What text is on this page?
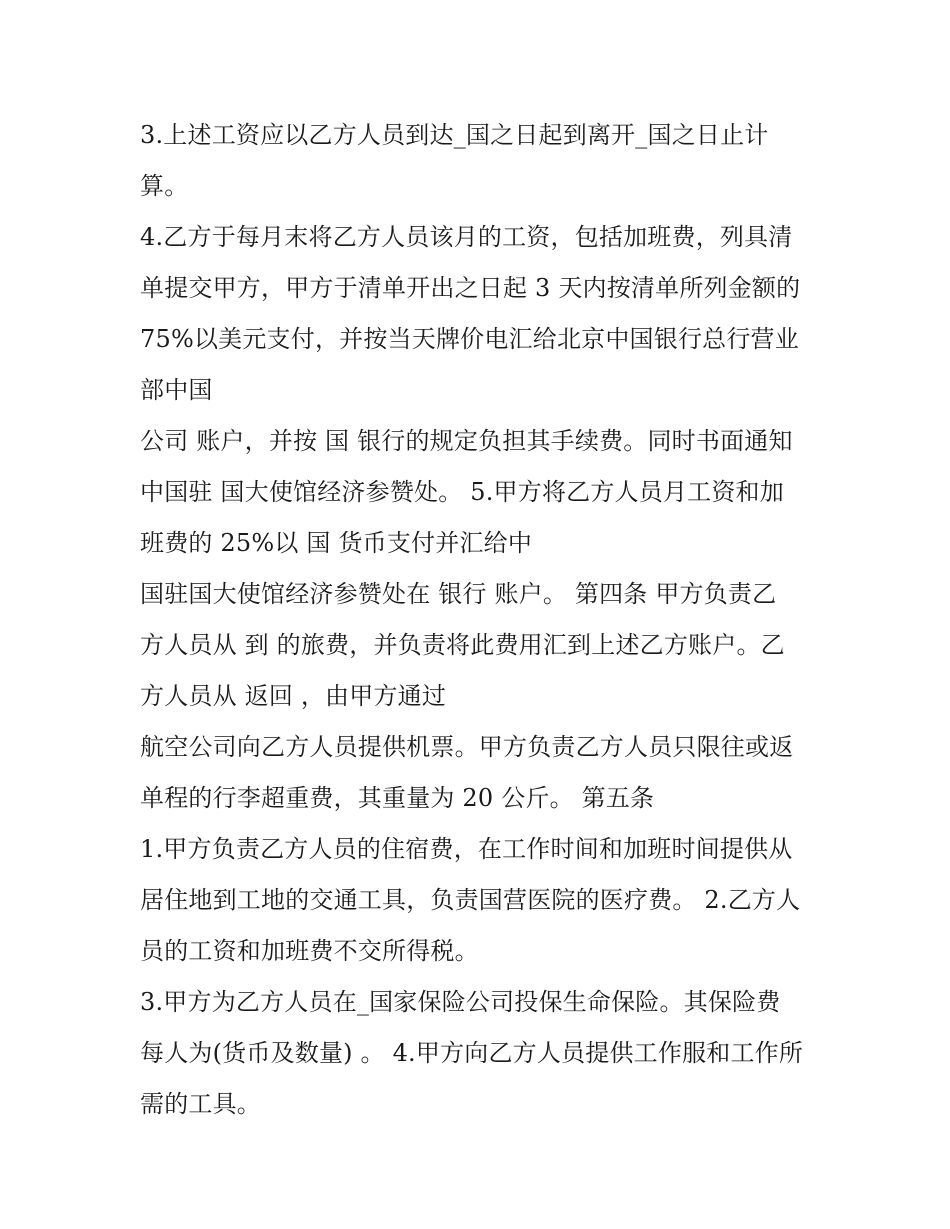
3.上述工资应以乙方人员到达_国之日起到离开_国之日止计
算。
4.乙方于每月末将乙方人员该月的工资，包括加班费，列具清
单提交甲方，甲方于清单开出之日起 3 天内按清单所列金额的
75%以美元支付，并按当天牌价电汇给北京中国银行总行营业
部中国
公司 账户，并按 国 银行的规定负担其手续费。同时书面通知
中国驻 国大使馆经济参赞处。 5.甲方将乙方人员月工资和加
班费的 25%以 国 货币支付并汇给中
国驻国大使馆经济参赞处在 银行 账户。 第四条 甲方负责乙
方人员从 到 的旅费，并负责将此费用汇到上述乙方账户。乙
方人员从 返回 ，由甲方通过
航空公司向乙方人员提供机票。甲方负责乙方人员只限往或返
单程的行李超重费，其重量为 20 公斤。 第五条
1.甲方负责乙方人员的住宿费，在工作时间和加班时间提供从
居住地到工地的交通工具，负责国营医院的医疗费。 2.乙方人
员的工资和加班费不交所得税。
3.甲方为乙方人员在_国家保险公司投保生命保险。其保险费
每人为(货币及数量) 。 4.甲方向乙方人员提供工作服和工作所
需的工具。
